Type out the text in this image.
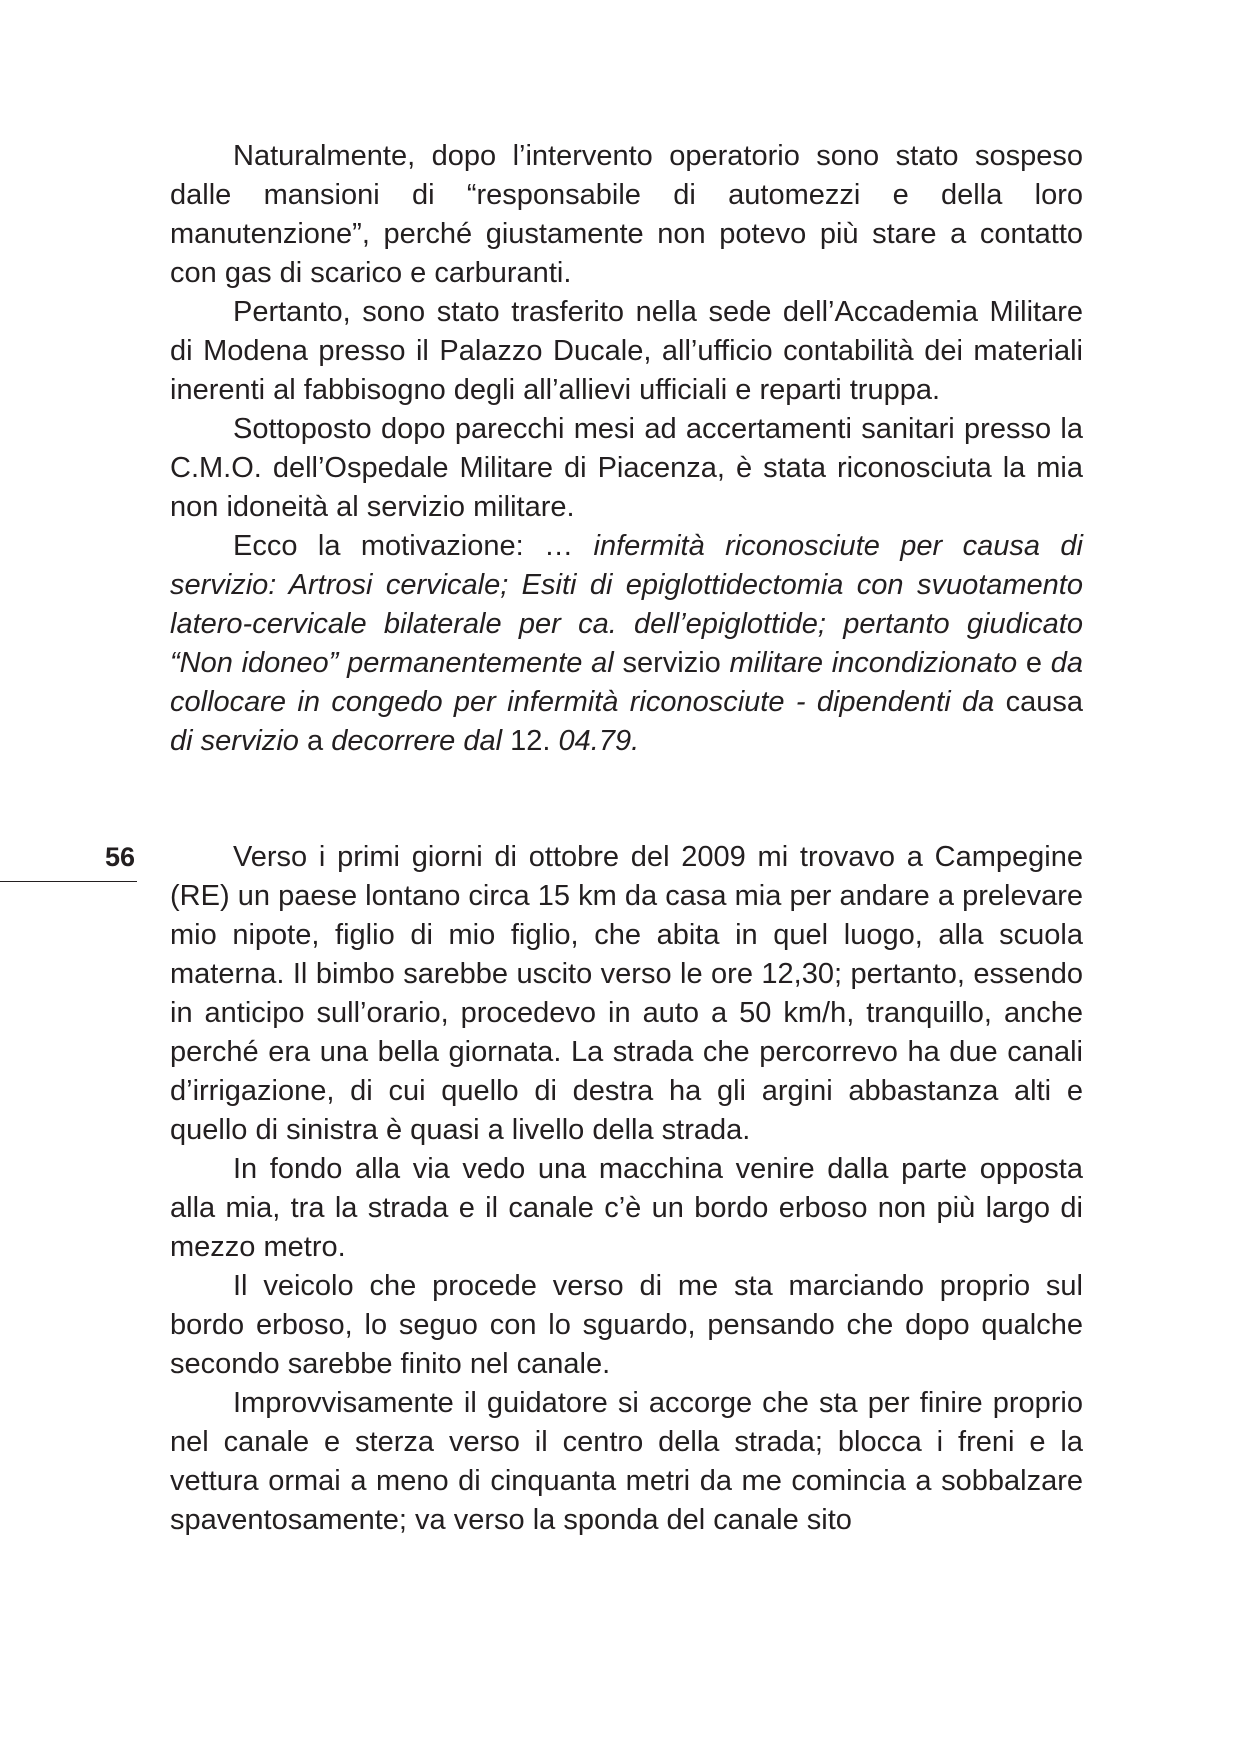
Naturalmente, dopo l’intervento operatorio sono stato sospeso dalle mansioni di “responsabile di automezzi e della loro manutenzione”, perché giustamente non potevo più stare a contatto con gas di scarico e carburanti.

Pertanto, sono stato trasferito nella sede dell’Accademia Militare di Modena presso il Palazzo Ducale, all’ufficio contabilità dei materiali inerenti al fabbisogno degli all’allievi ufficiali e reparti truppa.

Sottoposto dopo parecchi mesi ad accertamenti sanitari presso la C.M.O. dell’Ospedale Militare di Piacenza, è stata riconosciuta la mia non idoneità al servizio militare.

Ecco la motivazione: … infermità riconosciute per causa di servizio: Artrosi cervicale; Esiti di epiglottidectomia con svuotamento latero-cervicale bilaterale per ca. dell’epiglottide; pertanto giudicato “Non idoneo” permanentemente al servizio militare incondizionato e da collocare in congedo per infermità riconosciute - dipendenti da causa di servizio a decorrere dal 12. 04.79.

56	Verso i primi giorni di ottobre del 2009 mi trovavo a Campegine (RE) un paese lontano circa 15 km da casa mia per andare a prelevare mio nipote, figlio di mio figlio, che abita in quel luogo, alla scuola materna. Il bimbo sarebbe uscito verso le ore 12,30; pertanto, essendo in anticipo sull’orario, procedevo in auto a 50 km/h, tranquillo, anche perché era una bella giornata. La strada che percorrevo ha due canali d’irrigazione, di cui quello di destra ha gli argini abbastanza alti e quello di sinistra è quasi a livello della strada.

In fondo alla via vedo una macchina venire dalla parte opposta alla mia, tra la strada e il canale c’è un bordo erboso non più largo di mezzo metro.

Il veicolo che procede verso di me sta marciando proprio sul bordo erboso, lo seguo con lo sguardo, pensando che dopo qualche secondo sarebbe finito nel canale.

Improvvisamente il guidatore si accorge che sta per finire proprio nel canale e sterza verso il centro della strada; blocca i freni e la vettura ormai a meno di cinquanta metri da me comincia a sobbalzare spaventosamente; va verso la sponda del canale sito
